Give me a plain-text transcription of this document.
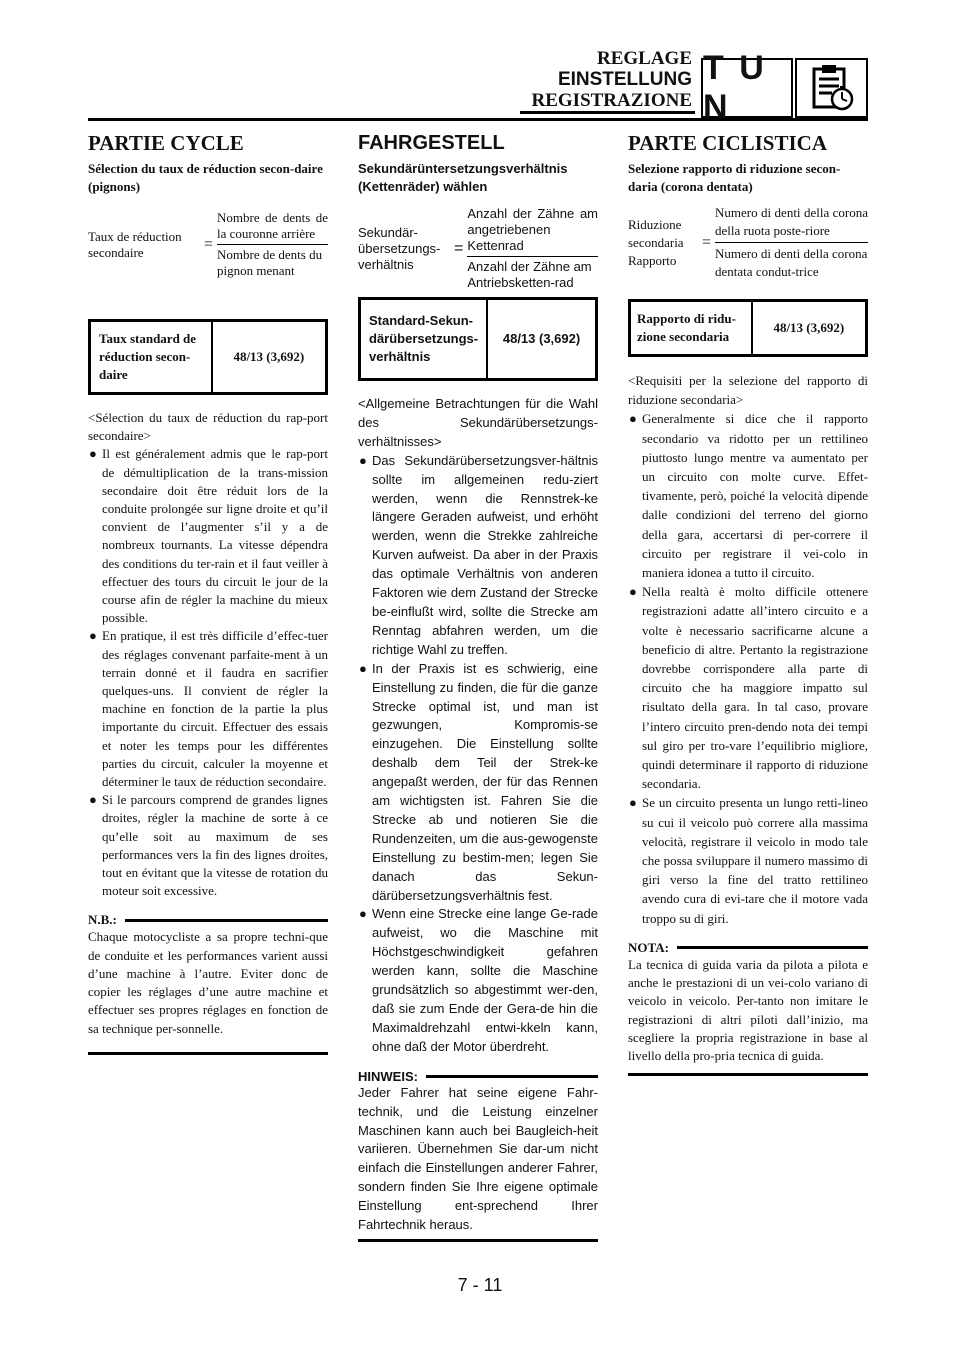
REGLAGE
EINSTELLUNG
REGISTRAZIONE
T U N
PARTIE CYCLE
Sélection du taux de réduction secon-daire (pignons)
Taux de réduction secondaire	= $\frac{\text{Nombre de dents de la couronne arrière}}{\text{Nombre de dents du pignon menant}}$
Taux standard de réduction secon-daire
48/13 (3,692)

<Sélection du taux de réduction du rap-port secondaire>

● Il est généralement admis que le rap-port de démultiplication de la trans-mission secondaire doit être réduit lors de la conduite prolongée sur ligne droite et qu’il convient de l’augmenter s’il y a de nombreux tournants. La vitesse dépendra des conditions du ter-rain et il faut veiller à effectuer des tours du circuit le jour de la course afin de régler la machine du mieux possible.
● En pratique, il est très difficile d’effec-tuer des réglages convenant parfaite-ment à un terrain donné et il faudra en sacrifier quelques-uns. Il convient de régler la machine en fonction de la partie la plus importante du circuit. Effectuer des essais et noter les temps pour les différentes parties du circuit, calculer la moyenne et déterminer le taux de réduction secondaire.
● Si le parcours comprend de grandes lignes droites, régler la machine de sorte à ce qu’elle soit au maximum de ses performances vers la fin des lignes droites, tout en évitant que la vitesse de rotation du moteur soit excessive.
N.B.:
Chaque motocycliste a sa propre techni-que de conduite et les performances varient aussi d’une machine à l’autre. Eviter donc de copier les réglages d’une autre machine et effectuer ses propres réglages en fonction de sa technique per-sonnelle.
FAHRGESTELL
Sekundärüntersetzungsverhältnis (Kettenräder) wählen
Sekundär-übersetzungs-verhältnis
= $\frac{\text{Anzahl der Zähne am angetriebenen Kettenrad}}{\text{Anzahl der Zähne am Antriebsketten-rad}}$
Standard-Sekun-därübersetzungs-verhältnis
48/13 (3,692)

<Allgemeine Betrachtungen für die Wahl des Sekundärübersetzungs-verhältnisses>

● Das Sekundärübersetzungsver-hältnis sollte im allgemeinen redu-ziert werden, wenn die Rennstrek-ke längere Geraden aufweist, und erhöht werden, wenn die Strekke zahlreiche Kurven aufweist. Da aber in der Praxis das optimale Verhältnis von anderen Faktoren wie dem Zustand der Strecke be-einflußt wird, sollte die Strecke am Renntag abfahren werden, um die richtige Wahl zu treffen.
● In der Praxis ist es schwierig, eine Einstellung zu finden, die für die ganze Strecke optimal ist, und man ist gezwungen, Kompromis-se einzugehen. Die Einstellung sollte deshalb dem Teil der Strek-ke angepaßt werden, der für das Rennen am wichtigsten ist. Fahren Sie die Strecke ab und notieren Sie die Rundenzeiten, um die aus-gewogenste Einstellung zu bestim-men; legen Sie danach das Sekun-därübersetzungsverhältnis fest.
● Wenn eine Strecke eine lange Ge-rade aufweist, wo die Maschine mit Höchstgeschwindigkeit gefahren werden kann, sollte die Maschine grundsätzlich so abgestimmt wer-den, daß sie zum Ende der Gera-de hin die Maximaldrehzahl entwi-kkeln kann, ohne daß der Motor überdreht.
HINWEIS:
Jeder Fahrer hat seine eigene Fahr-technik, und die Leistung einzelner Maschinen kann auch bei Baugleich-heit variieren. Übernehmen Sie dar-um nicht einfach die Einstellungen anderer Fahrer, sondern finden Sie Ihre eigene optimale Einstellung ent-sprechend Ihrer Fahrtechnik heraus.
PARTE CICLISTICA
Selezione rapporto di riduzione secon-daria (corona dentata)
Riduzione secondaria Rapporto
= $\frac{\text{Numero di denti della corona della ruota poste-riore}}{\text{Numero di denti della corona dentata condut-trice}}$
Rapporto di ridu-zione secondaria
48/13 (3,692)

<Requisiti per la selezione del rapporto di riduzione secondaria>

● Generalmente si dice che il rapporto secondario va ridotto per un rettilineo piuttosto lungo mentre va aumentato per un circuito con molte curve. Effet-tivamente, però, poiché la velocità dipende dalle condizioni del terreno del giorno della gara, accertarsi di per-correre il circuito per registrare il vei-colo in maniera idonea a tutto il circuito.
● Nella realtà è molto difficile ottenere registrazioni adatte all’intero circuito e a volte è necessario sacrificarne alcune a beneficio di altre. Pertanto la registrazione dovrebbe corrispondere alla parte di circuito che ha maggiore impatto sul risultato della gara. In tal caso, provare l’intero circuito pren-dendo nota dei tempi sul giro per tro-vare l’equilibrio migliore, quindi determinare il rapporto di riduzione secondaria.
● Se un circuito presenta un lungo retti-lineo su cui il veicolo può correre alla massima velocità, registrare il veicolo in modo tale che possa sviluppare il numero massimo di giri verso la fine del tratto rettilineo avendo cura di evi-tare che il motore vada troppo su di giri.
NOTA:
La tecnica di guida varia da pilota a pilota e anche le prestazioni di un vei-colo variano di veicolo in veicolo. Per-tanto non imitare le registrazioni di altri piloti dall’inizio, ma scegliere la propria registrazione in base al livello della pro-pria tecnica di guida.
7 - 11
